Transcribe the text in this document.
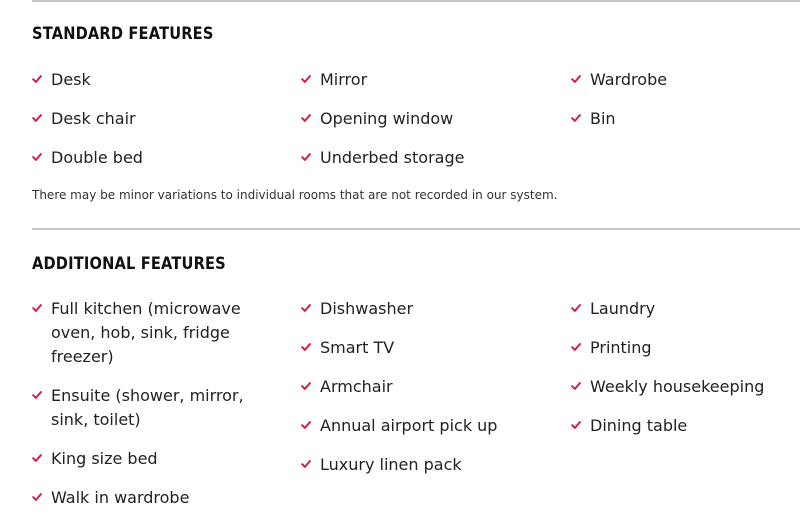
STANDARD FEATURES
Desk
Desk chair
Double bed
Mirror
Opening window
Underbed storage
Wardrobe
Bin

There may be minor variations to individual rooms that are not recorded in our system.

ADDITIONAL FEATURES
Full kitchen (microwave oven, hob, sink, fridge freezer)
Ensuite (shower, mirror, sink, toilet)
King size bed
Walk in wardrobe
Dishwasher
Smart TV
Armchair
Annual airport pick up
Luxury linen pack
Laundry
Printing
Weekly housekeeping
Dining table
